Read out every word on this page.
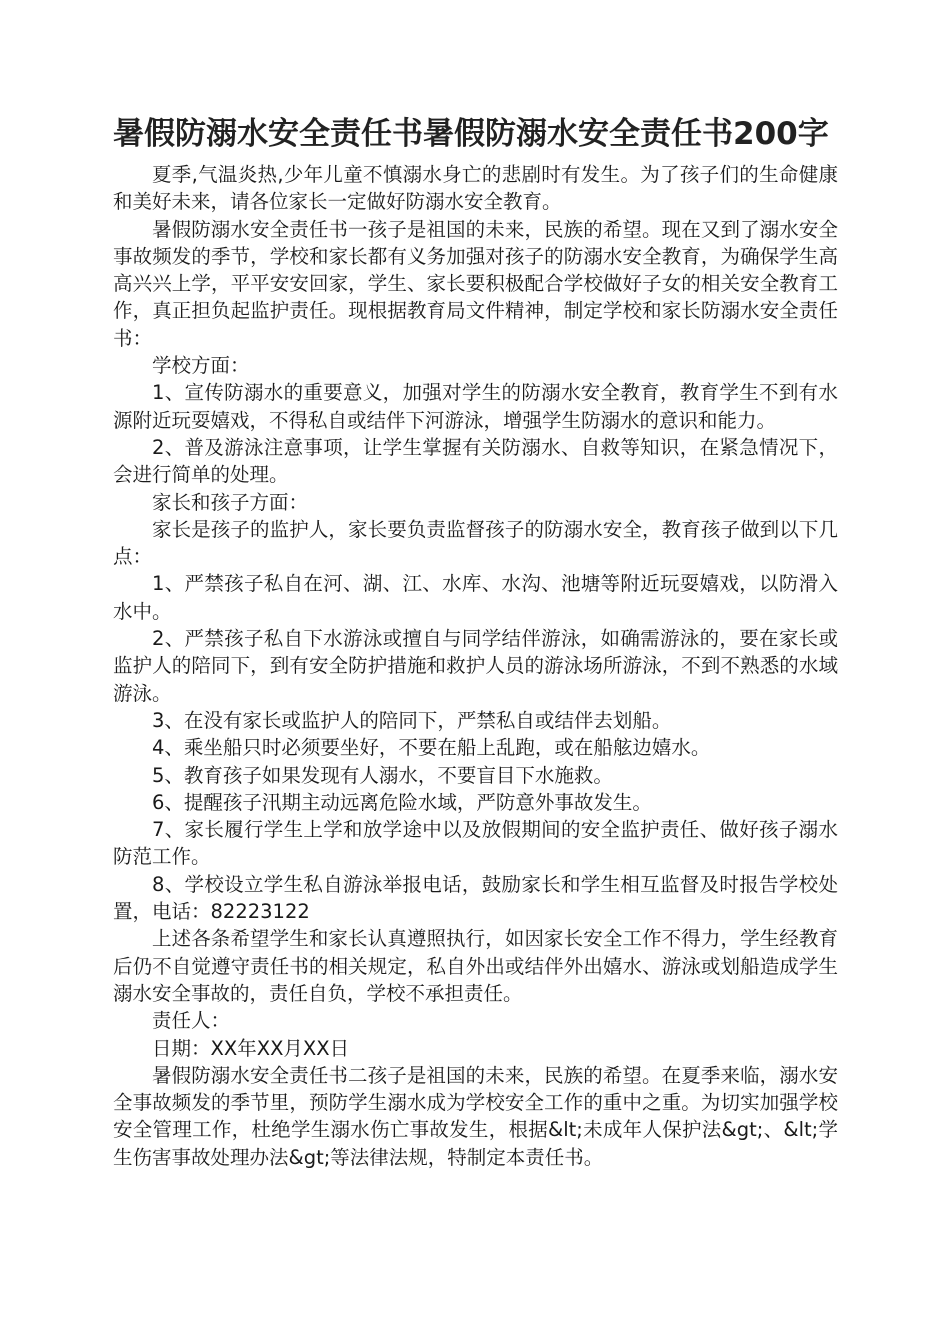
暑假防溺水安全责任书暑假防溺水安全责任书200字

夏季,气温炎热,少年儿童不慎溺水身亡的悲剧时有发生。为了孩子们的生命健康和美好未来，请各位家长一定做好防溺水安全教育。

暑假防溺水安全责任书一孩子是祖国的未来，民族的希望。现在又到了溺水安全事故频发的季节，学校和家长都有义务加强对孩子的防溺水安全教育，为确保学生高高兴兴上学，平平安安回家，学生、家长要积极配合学校做好子女的相关安全教育工作，真正担负起监护责任。现根据教育局文件精神，制定学校和家长防溺水安全责任书：

学校方面：

1、宣传防溺水的重要意义，加强对学生的防溺水安全教育，教育学生不到有水源附近玩耍嬉戏，不得私自或结伴下河游泳，增强学生防溺水的意识和能力。

2、普及游泳注意事项，让学生掌握有关防溺水、自救等知识，在紧急情况下，会进行简单的处理。

家长和孩子方面：

家长是孩子的监护人，家长要负责监督孩子的防溺水安全，教育孩子做到以下几点：

1、严禁孩子私自在河、湖、江、水库、水沟、池塘等附近玩耍嬉戏，以防滑入水中。

2、严禁孩子私自下水游泳或擅自与同学结伴游泳，如确需游泳的，要在家长或监护人的陪同下，到有安全防护措施和救护人员的游泳场所游泳，不到不熟悉的水域游泳。

3、在没有家长或监护人的陪同下，严禁私自或结伴去划船。

4、乘坐船只时必须要坐好，不要在船上乱跑，或在船舷边嬉水。

5、教育孩子如果发现有人溺水，不要盲目下水施救。

6、提醒孩子汛期主动远离危险水域，严防意外事故发生。

7、家长履行学生上学和放学途中以及放假期间的安全监护责任、做好孩子溺水防范工作。

8、学校设立学生私自游泳举报电话，鼓励家长和学生相互监督及时报告学校处置，电话：82223122

上述各条希望学生和家长认真遵照执行，如因家长安全工作不得力，学生经教育后仍不自觉遵守责任书的相关规定，私自外出或结伴外出嬉水、游泳或划船造成学生溺水安全事故的，责任自负，学校不承担责任。

责任人：

日期：XX年XX月XX日

暑假防溺水安全责任书二孩子是祖国的未来，民族的希望。在夏季来临，溺水安全事故频发的季节里，预防学生溺水成为学校安全工作的重中之重。为切实加强学校安全管理工作，杜绝学生溺水伤亡事故发生，根据&lt;未成年人保护法&gt;、&lt;学生伤害事故处理办法&gt;等法律法规，特制定本责任书。
